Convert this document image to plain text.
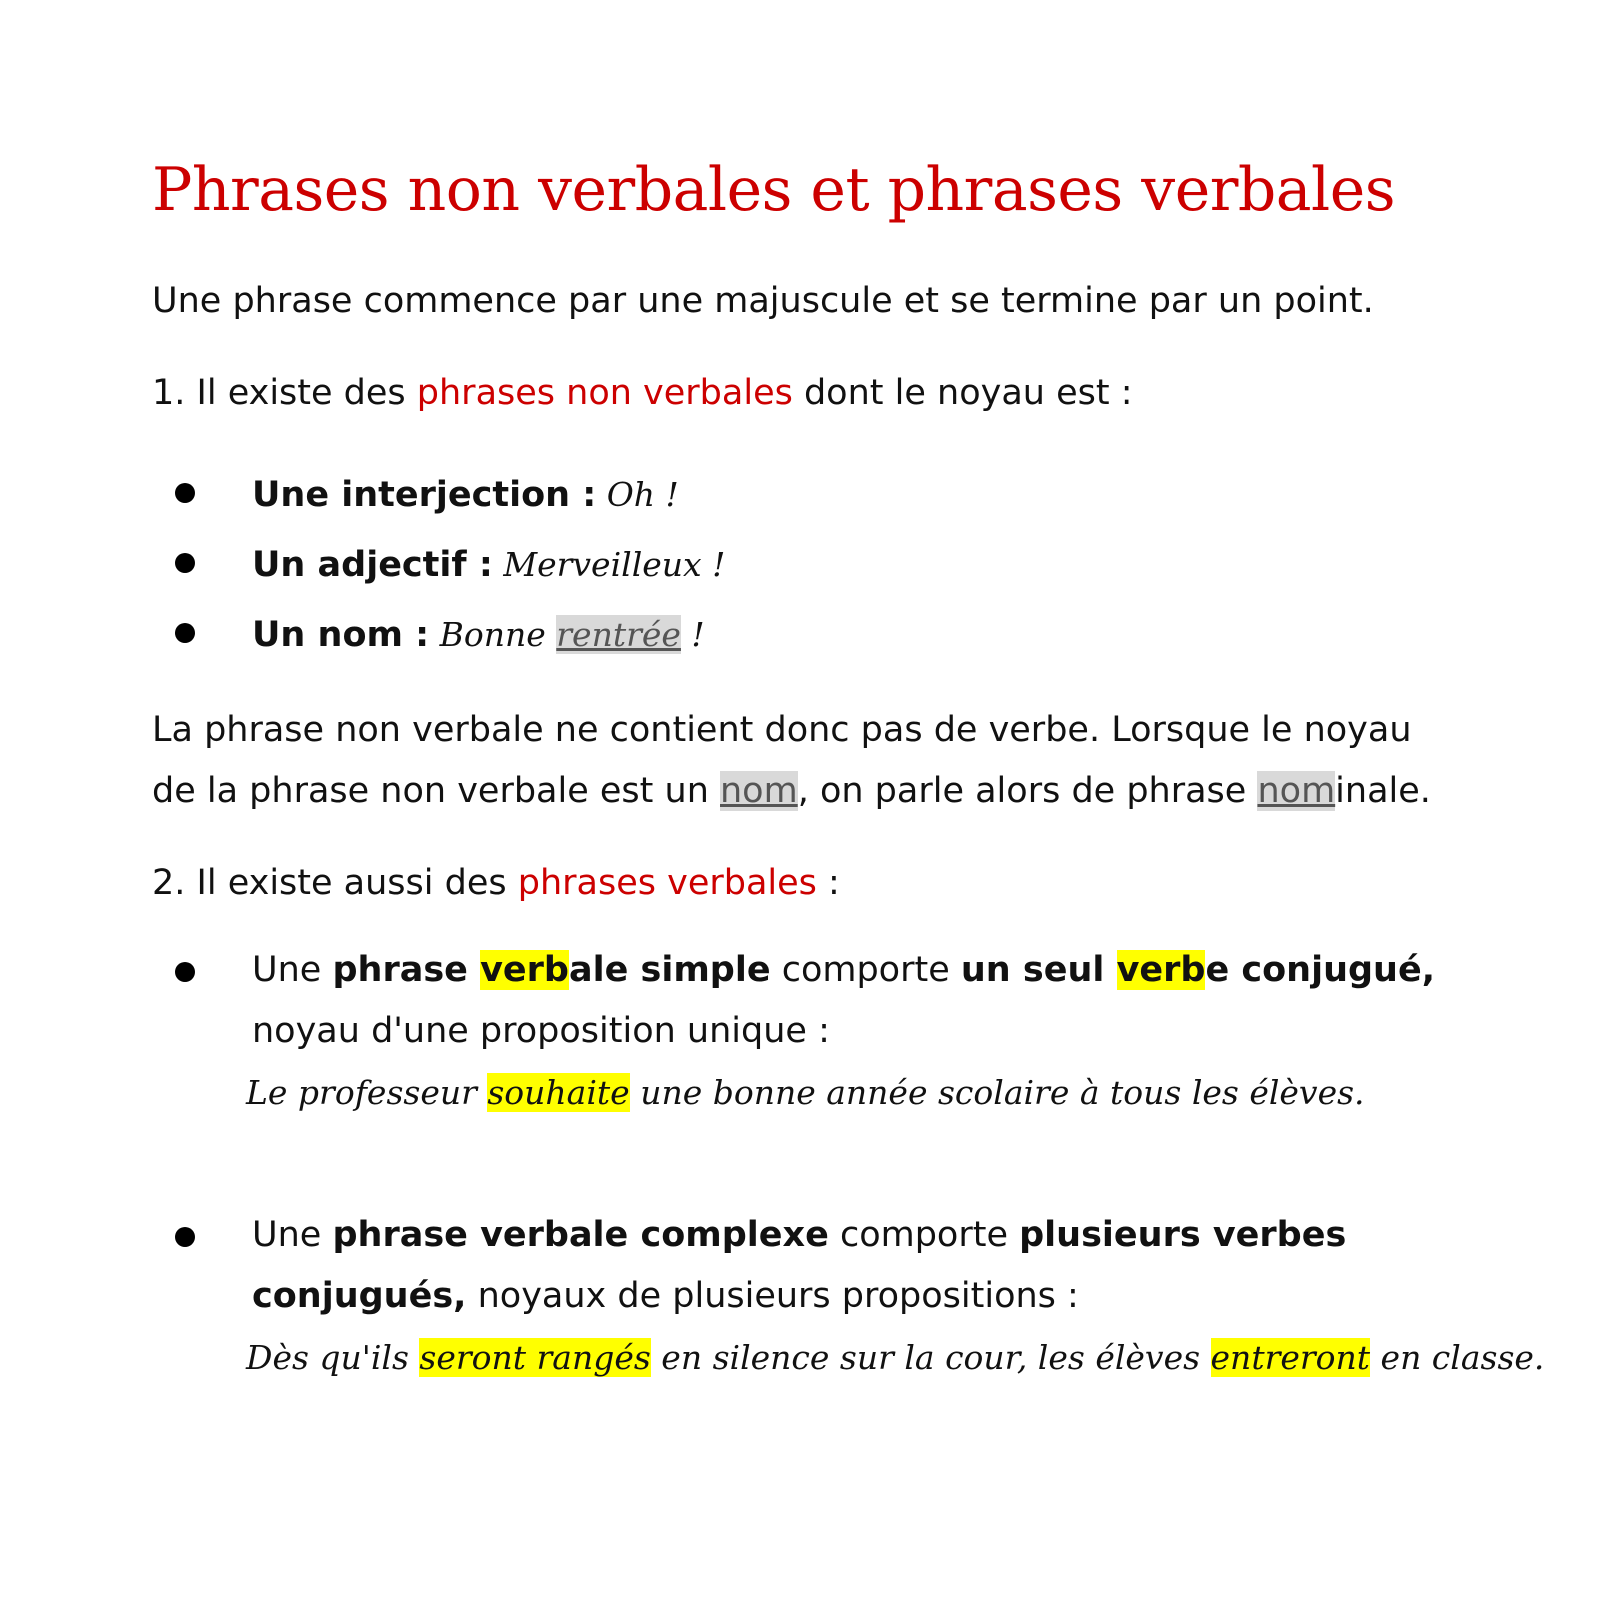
Phrases non verbales et phrases verbales

Une phrase commence par une majuscule et se termine par un point.

1. Il existe des phrases non verbales dont le noyau est :

Une interjection : Oh !
Un adjectif : Merveilleux !
Un nom : Bonne rentrée !

La phrase non verbale ne contient donc pas de verbe. Lorsque le noyau

de la phrase non verbale est un nom, on parle alors de phrase nominale.

2. Il existe aussi des phrases verbales :

Une phrase verbale simple comporte un seul verbe conjugué,
noyau d'une proposition unique :
Le professeur souhaite une bonne année scolaire à tous les élèves.
Une phrase verbale complexe comporte plusieurs verbes
conjugués, noyaux de plusieurs propositions :
Dès qu'ils seront rangés en silence sur la cour, les élèves entreront en classe.
